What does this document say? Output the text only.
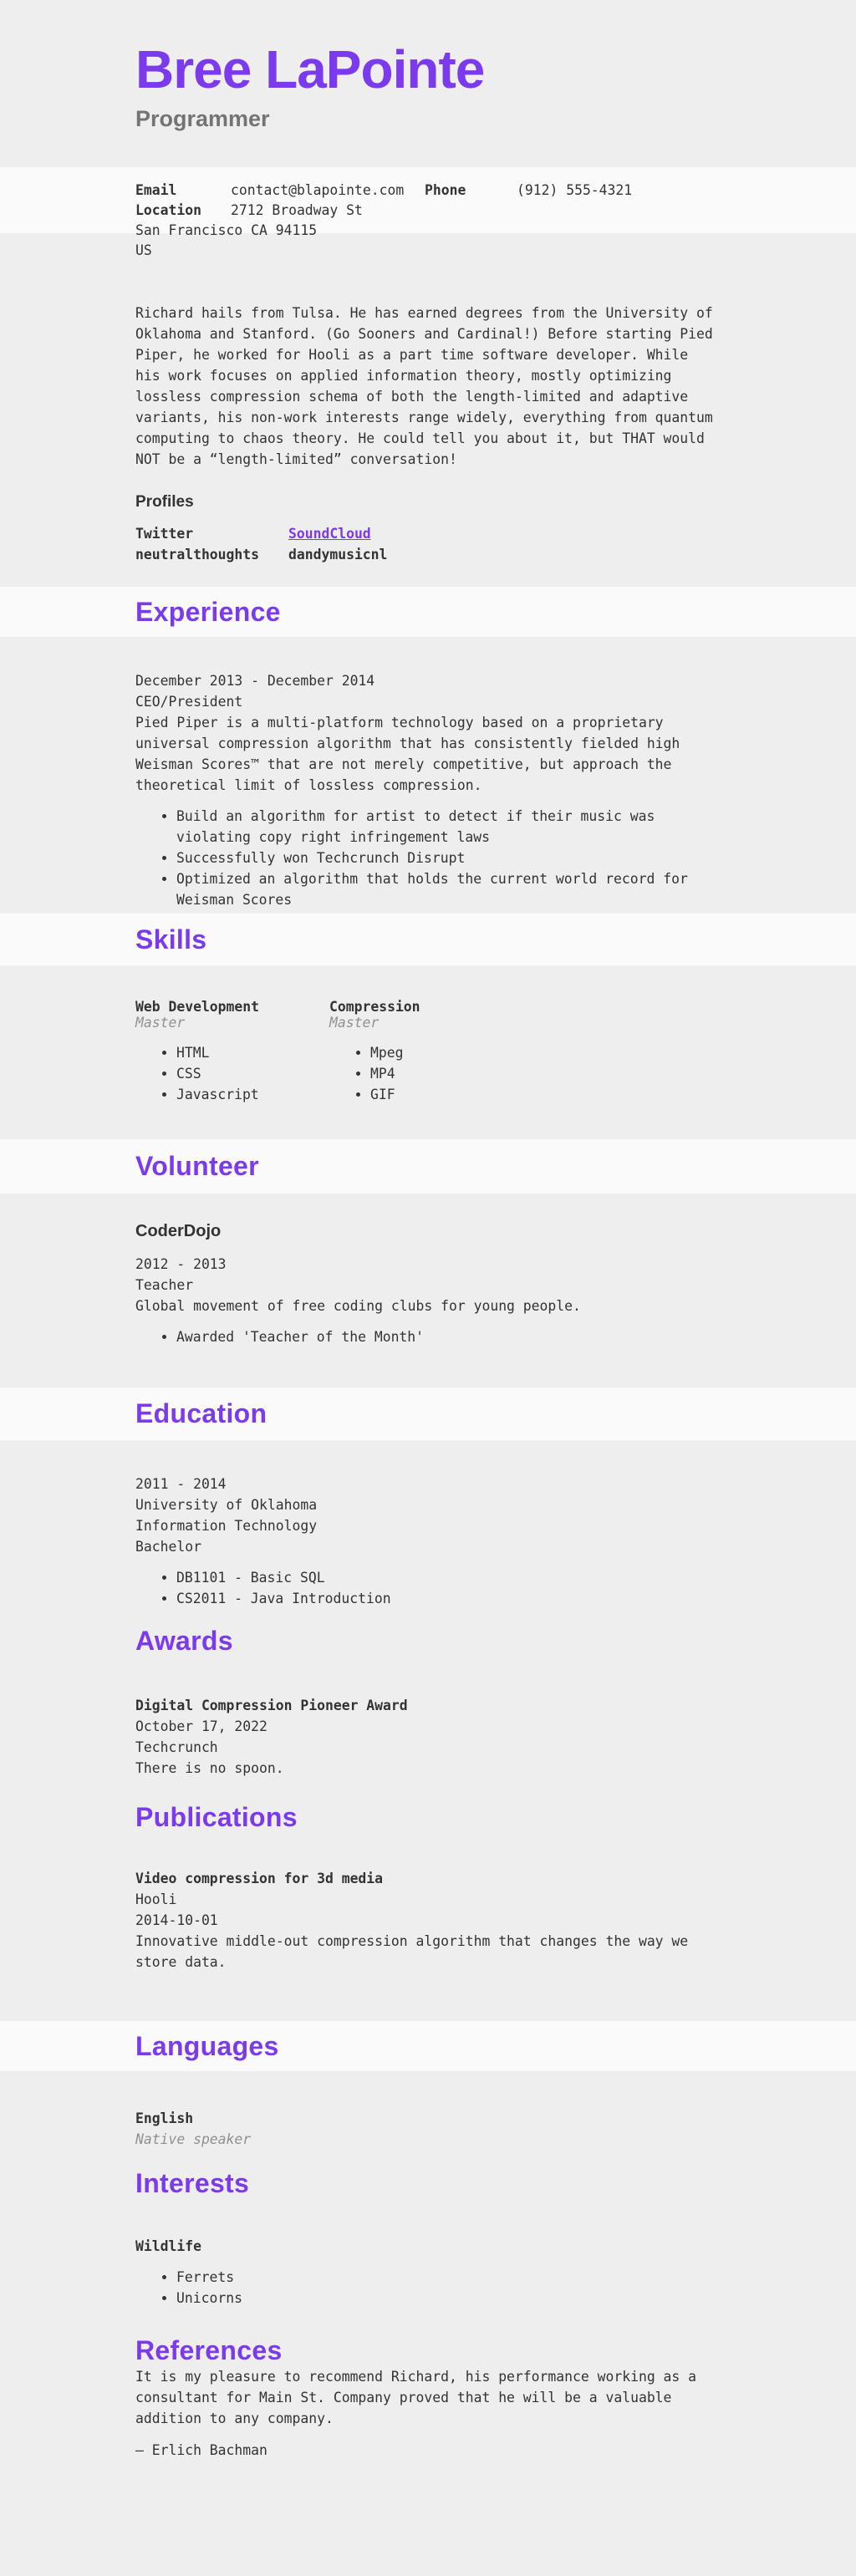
Bree LaPointe
Programmer
Email	contact@blapointe.com	Phone	(912) 555-4321
Location	2712 Broadway St
San Francisco CA 94115
US

Richard hails from Tulsa. He has earned degrees from the University of Oklahoma and Stanford. (Go Sooners and Cardinal!) Before starting Pied Piper, he worked for Hooli as a part time software developer. While his work focuses on applied information theory, mostly optimizing lossless compression schema of both the length-limited and adaptive variants, his non-work interests range widely, everything from quantum computing to chaos theory. He could tell you about it, but THAT would NOT be a “length-limited” conversation!

Profiles
Twitter	SoundCloud
neutralthoughts	dandymusicnl
Experience
December 2013 - December 2014
CEO/President

Pied Piper is a multi-platform technology based on a proprietary universal compression algorithm that has consistently fielded high Weisman Scores™ that are not merely competitive, but approach the theoretical limit of lossless compression.

• Build an algorithm for artist to detect if their music was violating copy right infringement laws
• Successfully won Techcrunch Disrupt
• Optimized an algorithm that holds the current world record for Weisman Scores
Skills
Web Development
Master
• HTML
• CSS
• Javascript
Compression
Master
• Mpeg
• MP4
• GIF
Volunteer
CoderDojo
2012 - 2013
Teacher

Global movement of free coding clubs for young people.

• Awarded 'Teacher of the Month'
Education
2011 - 2014
University of Oklahoma
Information Technology
Bachelor
• DB1101 - Basic SQL
• CS2011 - Java Introduction
Awards
Digital Compression Pioneer Award
October 17, 2022
Techcrunch

There is no spoon.

Publications
Video compression for 3d media
Hooli
2014-10-01

Innovative middle-out compression algorithm that changes the way we store data.

Languages
English
Native speaker
Interests
Wildlife
• Ferrets
• Unicorns
References

It is my pleasure to recommend Richard, his performance working as a consultant for Main St. Company proved that he will be a valuable addition to any company.

— Erlich Bachman
